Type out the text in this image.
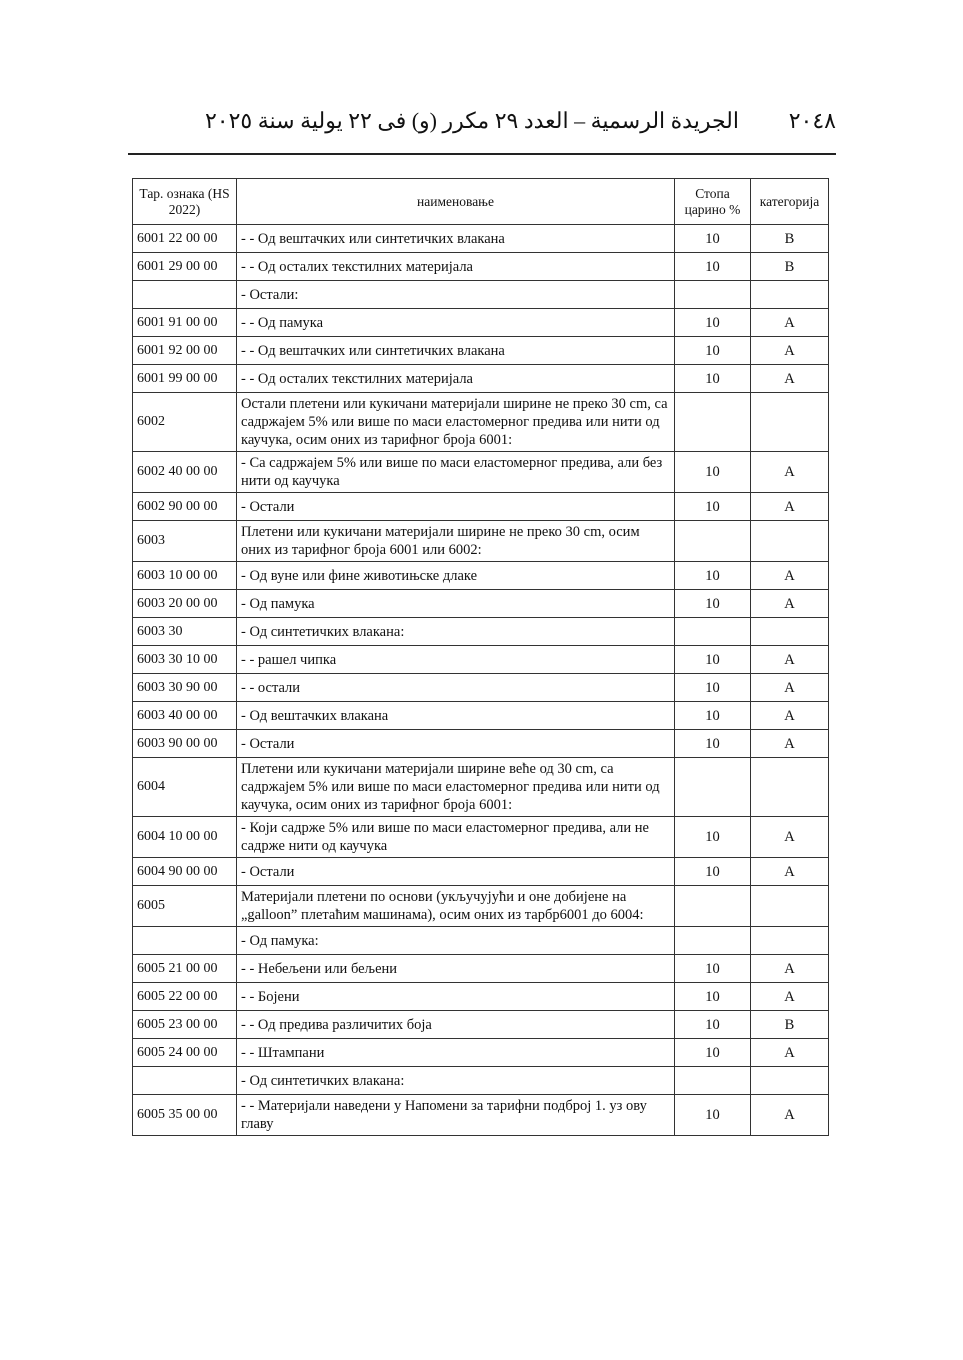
٢٠٤٨
الجريدة الرسمية – العدد ٢٩ مكرر (و) فى ٢٢ يولية سنة ٢٠٢٥
Тар. ознака (HS 2022)	наименовање	Стопа царино %	категорија
6001 22 00 00	- - Од вештачких или синтетичких влакана	10	B
6001 29 00 00	- - Од осталих текстилних материјала	10	B
	- Остали:		
6001 91 00 00	- - Од памука	10	A
6001 92 00 00	- - Од вештачких или синтетичких влакана	10	A
6001 99 00 00	- - Од осталих текстилних материјала	10	A
6002	Остали плетени или кукичани материјали ширине не преко 30 cm, са садржајем 5% или више по маси еластомерног предива или нити од каучука, осим оних из тарифног броја 6001:		
6002 40 00 00	- Са садржајем 5% или више по маси еластомерног предива, али без нити од каучука	10	A
6002 90 00 00	- Остали	10	A
6003	Плетени или кукичани материјали ширине не преко 30 cm, осим оних из тарифног броја 6001 или 6002:		
6003 10 00 00	- Од вуне или фине животињске длаке	10	A
6003 20 00 00	- Од памука	10	A
6003 30	- Од синтетичких влакана:		
6003 30 10 00	- - рашел чипка	10	A
6003 30 90 00	- - остали	10	A
6003 40 00 00	- Од вештачких влакана	10	A
6003 90 00 00	- Остали	10	A
6004	Плетени или кукичани материјали ширине веће од 30 cm, са садржајем 5% или више по маси еластомерног предива или нити од каучука, осим оних из тарифног броја 6001:		
6004 10 00 00	- Који садрже 5% или више по маси еластомерног предива, али не садрже нити од каучука	10	A
6004 90 00 00	- Остали	10	A
6005	Материјали плетени по основи (укључујући и оне добијене на „galloon” плетаћим машинама), осим оних из тарбр6001 до 6004:		
	- Од памука:		
6005 21 00 00	- - Небељени или бељени	10	A
6005 22 00 00	- - Бојени	10	A
6005 23 00 00	- - Од предива различитих боја	10	B
6005 24 00 00	- - Штампани	10	A
	- Од синтетичких влакана:		
6005 35 00 00	- - Материјали наведени у Напомени за тарифни подброј 1. уз ову главу	10	A
